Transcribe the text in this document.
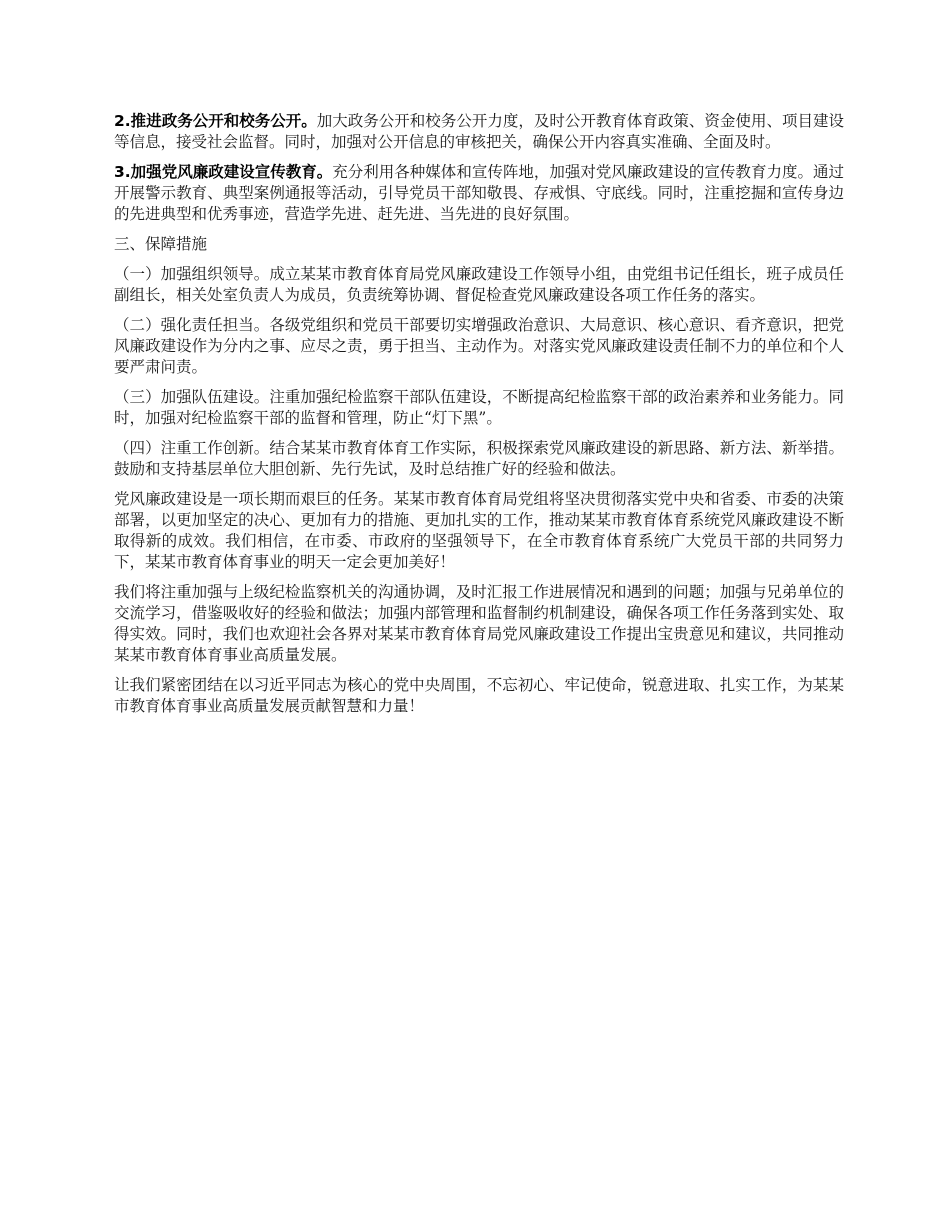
2.推进政务公开和校务公开。加大政务公开和校务公开力度，及时公开教育体育政策、资金使用、项目建设等信息，接受社会监督。同时，加强对公开信息的审核把关，确保公开内容真实准确、全面及时。

3.加强党风廉政建设宣传教育。充分利用各种媒体和宣传阵地，加强对党风廉政建设的宣传教育力度。通过开展警示教育、典型案例通报等活动，引导党员干部知敬畏、存戒惧、守底线。同时，注重挖掘和宣传身边的先进典型和优秀事迹，营造学先进、赶先进、当先进的良好氛围。

三、保障措施

（一）加强组织领导。成立某某市教育体育局党风廉政建设工作领导小组，由党组书记任组长，班子成员任副组长，相关处室负责人为成员，负责统筹协调、督促检查党风廉政建设各项工作任务的落实。

（二）强化责任担当。各级党组织和党员干部要切实增强政治意识、大局意识、核心意识、看齐意识，把党风廉政建设作为分内之事、应尽之责，勇于担当、主动作为。对落实党风廉政建设责任制不力的单位和个人要严肃问责。

（三）加强队伍建设。注重加强纪检监察干部队伍建设，不断提高纪检监察干部的政治素养和业务能力。同时，加强对纪检监察干部的监督和管理，防止“灯下黑”。

（四）注重工作创新。结合某某市教育体育工作实际，积极探索党风廉政建设的新思路、新方法、新举措。鼓励和支持基层单位大胆创新、先行先试，及时总结推广好的经验和做法。

党风廉政建设是一项长期而艰巨的任务。某某市教育体育局党组将坚决贯彻落实党中央和省委、市委的决策部署，以更加坚定的决心、更加有力的措施、更加扎实的工作，推动某某市教育体育系统党风廉政建设不断取得新的成效。我们相信，在市委、市政府的坚强领导下，在全市教育体育系统广大党员干部的共同努力下，某某市教育体育事业的明天一定会更加美好！

我们将注重加强与上级纪检监察机关的沟通协调，及时汇报工作进展情况和遇到的问题；加强与兄弟单位的交流学习，借鉴吸收好的经验和做法；加强内部管理和监督制约机制建设，确保各项工作任务落到实处、取得实效。同时，我们也欢迎社会各界对某某市教育体育局党风廉政建设工作提出宝贵意见和建议，共同推动某某市教育体育事业高质量发展。

让我们紧密团结在以习近平同志为核心的党中央周围，不忘初心、牢记使命，锐意进取、扎实工作，为某某市教育体育事业高质量发展贡献智慧和力量！
